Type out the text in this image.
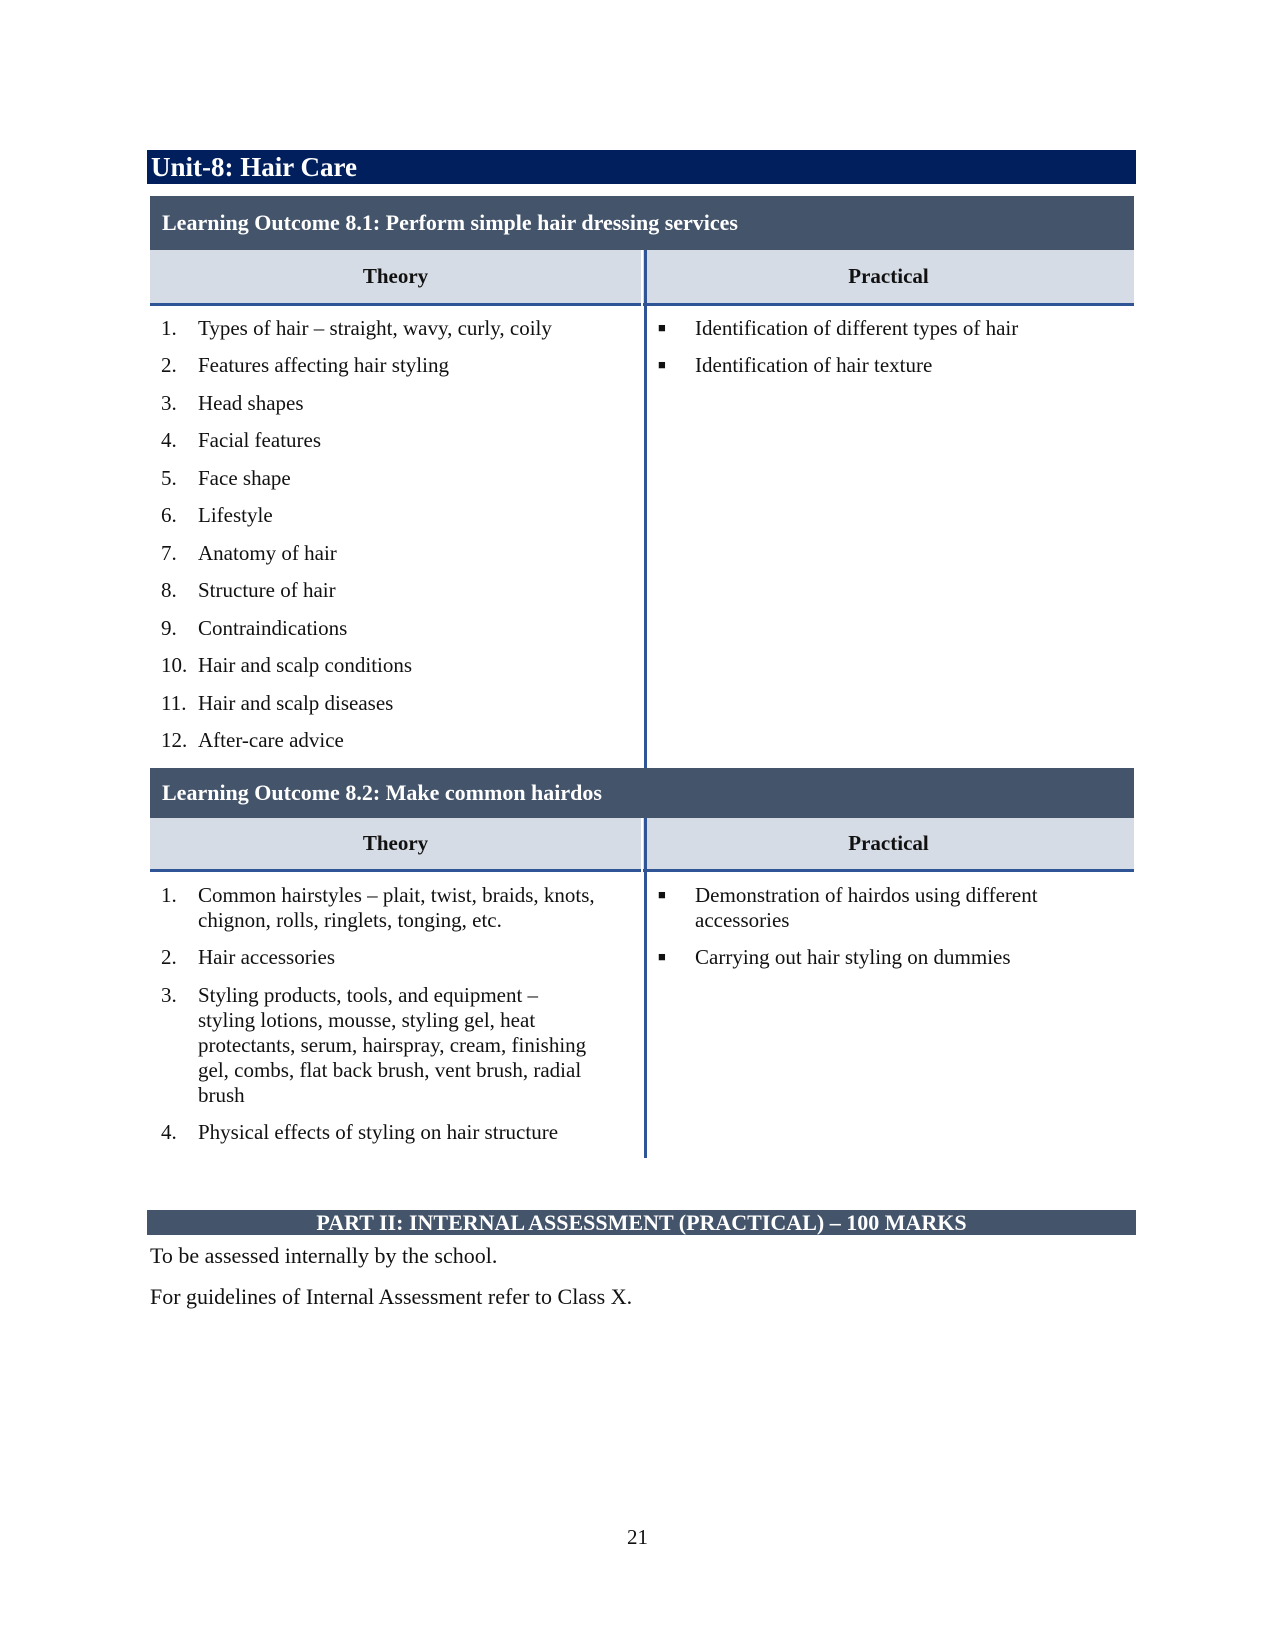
Unit-8: Hair Care
Learning Outcome 8.1: Perform simple hair dressing services
Theory	Practical
1. Types of hair – straight, wavy, curly, coily
2. Features affecting hair styling
3. Head shapes
4. Facial features
5. Face shape
6. Lifestyle
7. Anatomy of hair
8. Structure of hair
9. Contraindications
10. Hair and scalp conditions
11. Hair and scalp diseases
12. After-care advice
■ Identification of different types of hair
■ Identification of hair texture
Learning Outcome 8.2: Make common hairdos
Theory	Practical
1. Common hairstyles – plait, twist, braids, knots,
chignon, rolls, ringlets, tonging, etc.
2. Hair accessories
3. Styling products, tools, and equipment –
styling lotions, mousse, styling gel, heat
protectants, serum, hairspray, cream, finishing
gel, combs, flat back brush, vent brush, radial
brush
4. Physical effects of styling on hair structure
■ Demonstration of hairdos using different
accessories
■ Carrying out hair styling on dummies
PART II: INTERNAL ASSESSMENT (PRACTICAL) – 100 MARKS
To be assessed internally by the school.
For guidelines of Internal Assessment refer to Class X.
21
